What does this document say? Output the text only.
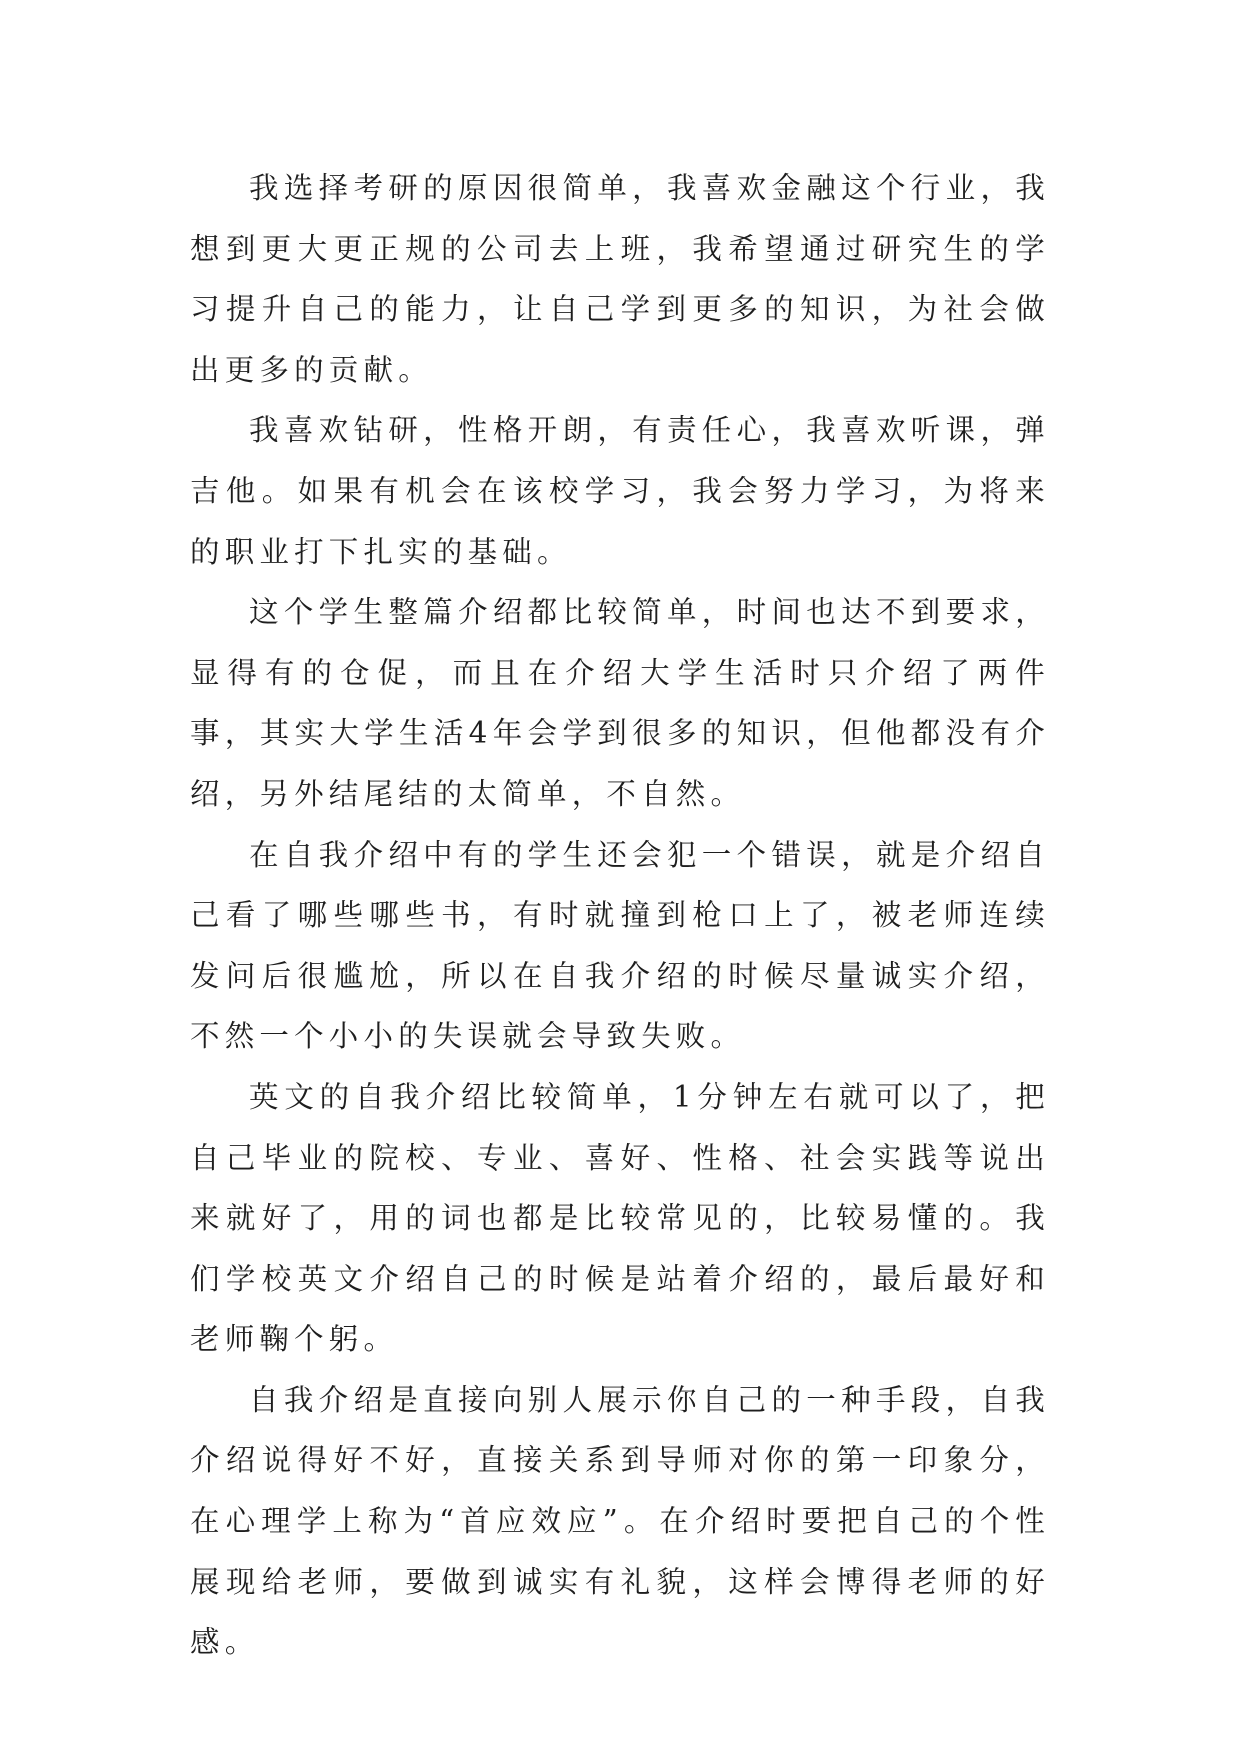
我选择考研的原因很简单，我喜欢金融这个行业，我想到更大更正规的公司去上班，我希望通过研究生的学习提升自己的能力，让自己学到更多的知识，为社会做出更多的贡献。

我喜欢钻研，性格开朗，有责任心，我喜欢听课，弹吉他。如果有机会在该校学习，我会努力学习，为将来的职业打下扎实的基础。

这个学生整篇介绍都比较简单，时间也达不到要求，显得有的仓促，而且在介绍大学生活时只介绍了两件事，其实大学生活4年会学到很多的知识，但他都没有介绍，另外结尾结的太简单，不自然。

在自我介绍中有的学生还会犯一个错误，就是介绍自己看了哪些哪些书，有时就撞到枪口上了，被老师连续发问后很尴尬，所以在自我介绍的时候尽量诚实介绍，不然一个小小的失误就会导致失败。

英文的自我介绍比较简单，1分钟左右就可以了，把自己毕业的院校、专业、喜好、性格、社会实践等说出来就好了，用的词也都是比较常见的，比较易懂的。我们学校英文介绍自己的时候是站着介绍的，最后最好和老师鞠个躬。

自我介绍是直接向别人展示你自己的一种手段，自我介绍说得好不好，直接关系到导师对你的第一印象分，在心理学上称为“首应效应”。在介绍时要把自己的个性展现给老师，要做到诚实有礼貌，这样会博得老师的好感。
